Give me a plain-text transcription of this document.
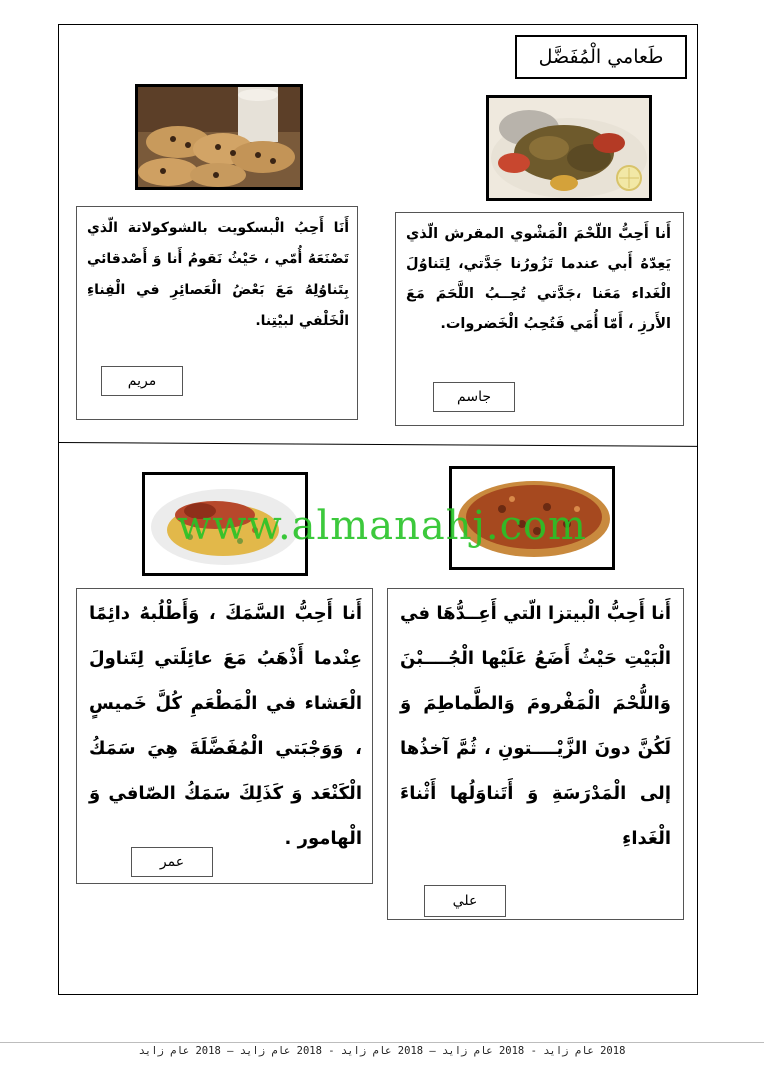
طَعامي الْمُفَضَّل

أَنا أَحِبُّ اللّحْمَ الْمَشْوي المقرش الّذي يَعِدّهُ أَبي عندما تَزُورُنا جَدَّتي، لِتَناوُلَ الْغَداء مَعَنا ،جَدَّتي تُحِــبُ اللَّحَمَ مَعَ الأَرزِ ، أَمّا أُمَي فَتُحِبُ الْخَضروات.

جاسم

أَنَا أَحِبُ الْبسكويت بالشوكولاتة الّذي تَصْنَعَهُ أُمّي ، حَيْثُ نَقومُ أَنا وَ أَصْدقائي بِتَناوُلِهُ مَعَ بَعْضُ الْعَصائِرِ في الْفِناءِ الْخَلْفي لبيْتِنا.

مريم

أَنا أَحِبُّ الْبيتزا الّتي أَعِــدُّهَا في الْبَيْتِ حَيْثُ أَضَعُ عَلَيْها الْجُــــبْنَ وَاللُّحْمَ الْمَفْرومَ وَالطَّماطِمَ وَ لَكُنَّ دونَ الزَّيْــــتونِ ، ثُمَّ آخذُها إلى الْمَدْرَسَةِ وَ أَتَناوَلُها أَثْناءَ الْغَداءِ

علي

أَنا أَحِبُّ السَّمَكَ ، وَأَطْلُبهُ دائِمًا عِنْدما أَذْهَبُ مَعَ عائِلَتي لِتَناولَ الْعَشاء في الْمَطْعَمِ كُلَّ خَميسٍ ، وَوَجْبَتي الْمُفَضَّلَةَ هِيَ سَمَكُ الْكَنْعَد وَ كَذَلِكَ سَمَكُ الصّافي وَ الْهامور .

عمر
www.almanahj.com
2018 عام زايد - 2018 عام زايد – 2018 عام زايد - 2018 عام زايد – 2018 عام زايد
